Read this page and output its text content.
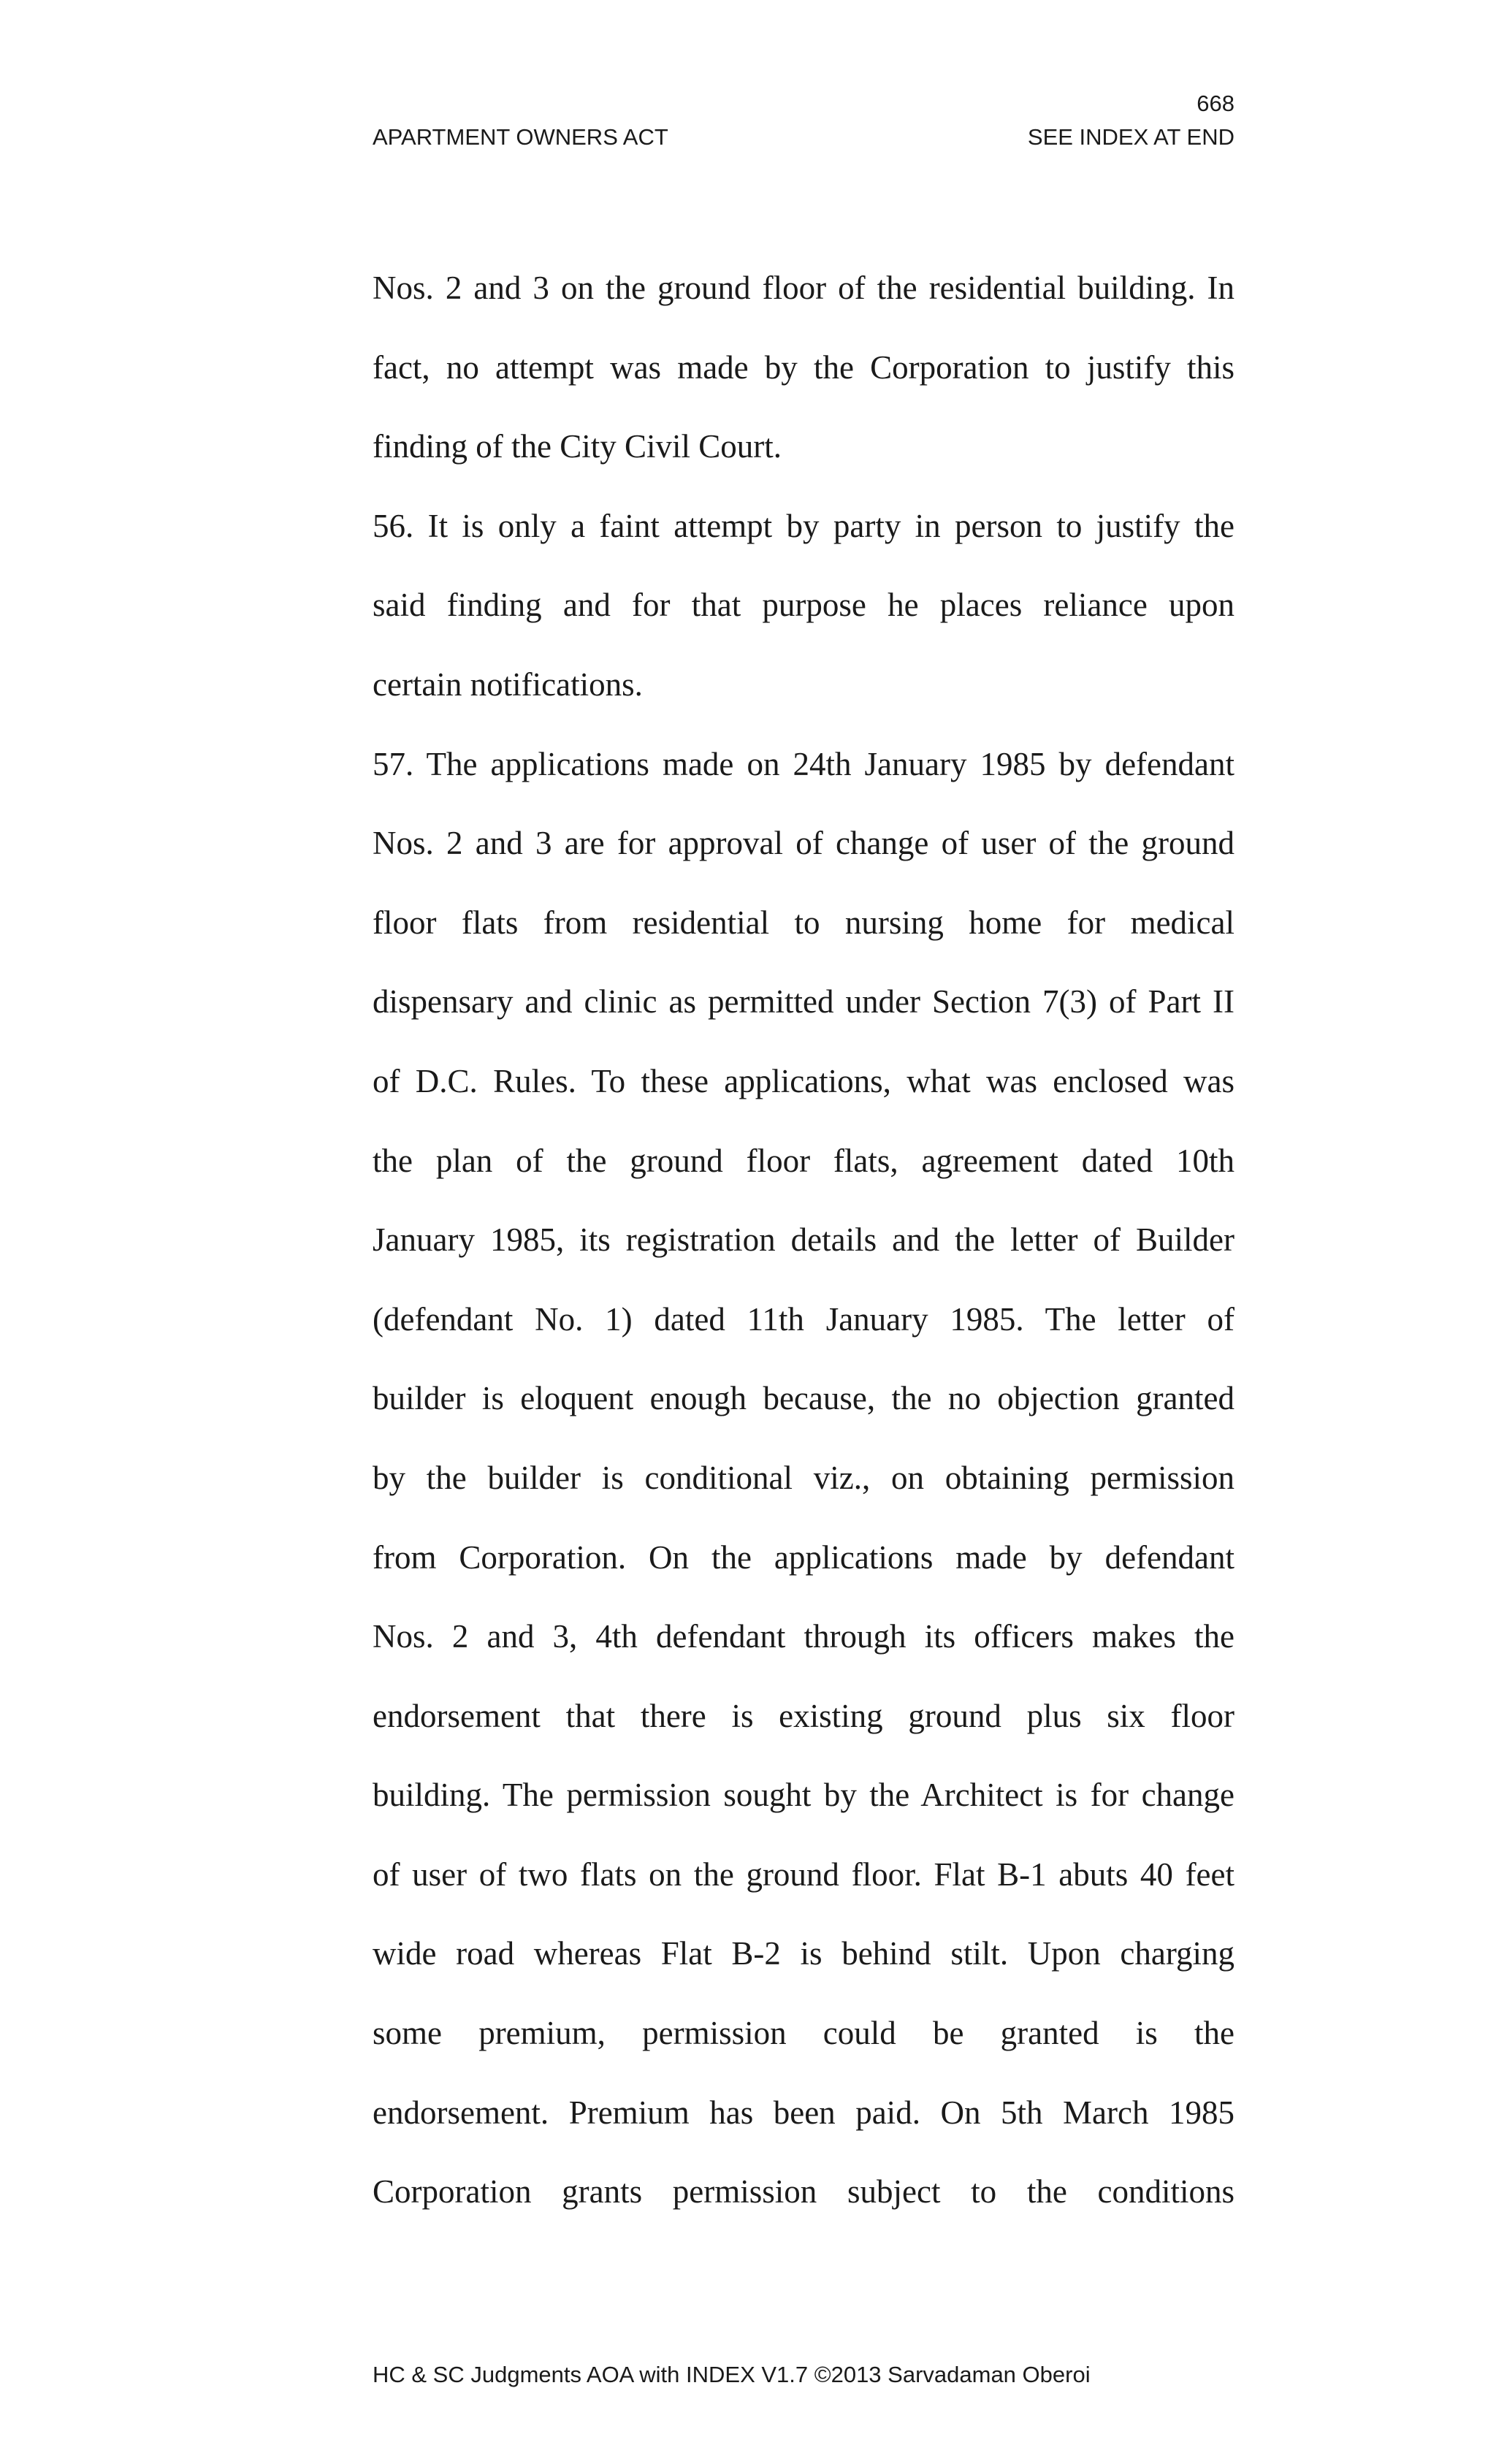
668
APARTMENT OWNERS ACT	SEE INDEX AT END
Nos. 2 and 3 on the ground floor of the residential building. In
fact, no attempt was made by the Corporation to justify this
finding of the City Civil Court.
56. It is only a faint attempt by party in person to justify the
said finding and for that purpose he places reliance upon
certain notifications.
57. The applications made on 24th January 1985 by defendant
Nos. 2 and 3 are for approval of change of user of the ground
floor flats from residential to nursing home for medical
dispensary and clinic as permitted under Section 7(3) of Part II
of D.C. Rules. To these applications, what was enclosed was
the plan of the ground floor flats, agreement dated 10th
January 1985, its registration details and the letter of Builder
(defendant No. 1) dated 11th January 1985. The letter of
builder is eloquent enough because, the no objection granted
by the builder is conditional viz., on obtaining permission
from Corporation. On the applications made by defendant
Nos. 2 and 3, 4th defendant through its officers makes the
endorsement that there is existing ground plus six floor
building. The permission sought by the Architect is for change
of user of two flats on the ground floor. Flat B-1 abuts 40 feet
wide road whereas Flat B-2 is behind stilt. Upon charging
some premium, permission could be granted is the
endorsement. Premium has been paid. On 5th March 1985
Corporation grants permission subject to the conditions
HC & SC Judgments AOA with INDEX V1.7 ©2013 Sarvadaman Oberoi
